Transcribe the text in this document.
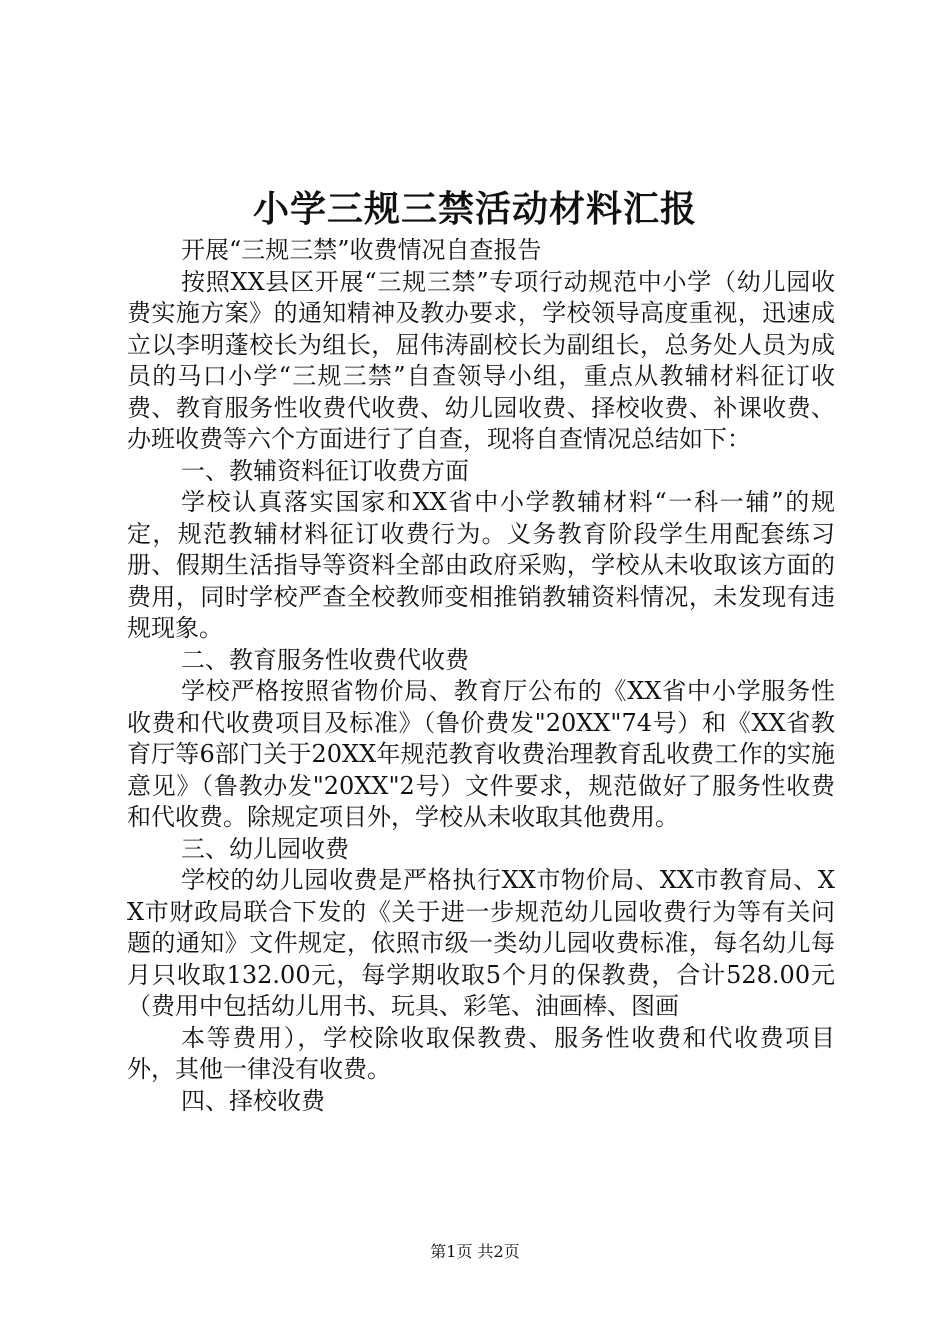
小学三规三禁活动材料汇报

开展“三规三禁”收费情况自查报告

按照XX县区开展“三规三禁”专项行动规范中小学（幼儿园收费实施方案》的通知精神及教办要求，学校领导高度重视，迅速成立以李明蓬校长为组长，屈伟涛副校长为副组长，总务处人员为成员的马口小学“三规三禁”自查领导小组，重点从教辅材料征订收费、教育服务性收费代收费、幼儿园收费、择校收费、补课收费、办班收费等六个方面进行了自查，现将自查情况总结如下：

一、教辅资料征订收费方面

学校认真落实国家和XX省中小学教辅材料“一科一辅”的规定，规范教辅材料征订收费行为。义务教育阶段学生用配套练习册、假期生活指导等资料全部由政府采购，学校从未收取该方面的费用，同时学校严查全校教师变相推销教辅资料情况，未发现有违规现象。

二、教育服务性收费代收费

学校严格按照省物价局、教育厅公布的《XX省中小学服务性收费和代收费项目及标准》（鲁价费发"20XX"74号）和《XX省教育厅等6部门关于20XX年规范教育收费治理教育乱收费工作的实施意见》（鲁教办发"20XX"2号）文件要求，规范做好了服务性收费和代收费。除规定项目外，学校从未收取其他费用。

三、幼儿园收费

学校的幼儿园收费是严格执行XX市物价局、XX市教育局、XX市财政局联合下发的《关于进一步规范幼儿园收费行为等有关问题的通知》文件规定，依照市级一类幼儿园收费标准，每名幼儿每月只收取132.00元，每学期收取5个月的保教费，合计528.00元（费用中包括幼儿用书、玩具、彩笔、油画棒、图画

本等费用），学校除收取保教费、服务性收费和代收费项目外，其他一律没有收费。

四、择校收费

第1页 共2页
